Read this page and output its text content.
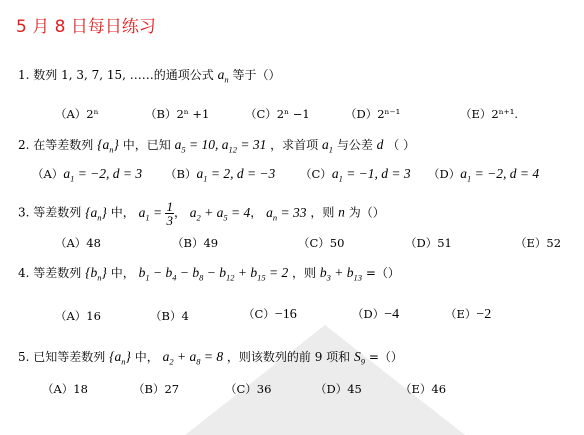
5 月 8 日每日练习
1. 数列 1, 3, 7, 15, ……的通项公式 $a_n$ 等于（）
（A）2ⁿ	（B）2ⁿ +1	（C）2ⁿ −1	（D）2ⁿ⁻¹	（E）2ⁿ⁺¹.
2. 在等差数列 $\{a_n\}$ 中，已知 $a_5 = 10$, $a_{12} = 31$ ，求首项 $a_1$ 与公差 d （ ）
$(A)a_1 = -2$, d = 3 $(B)a_1 = 2$, d = −3 $(C)a_1 = -1$, d = 3 $(D)a_1 = -2$, d = 4
3. 等差数列 $\{a_n\}$ 中， $a_1 = \frac{1}{3}$ ， $a_2 + a_5 = 4$， $a_n = 33$ ，则 n 为（）
（A）48	（B）49	（C）50	（D）51	（E）52
4. 等差数列 $\{b_n\}$ 中， $b_1 - b_4 - b_8 - b_{12} + b_{15} = 2$ ，则 $b_3 + b_{13}$ =（）
（A）16	（B）4	（C）−16	（D）−4	（E）−2
5. 已知等差数列 $\{a_n\}$ 中， $a_2 + a_8 = 8$ ，则该数列的前 9 项和 $S_9$ =（）
（A）18	（B）27	（C）36	（D）45	（E）46
